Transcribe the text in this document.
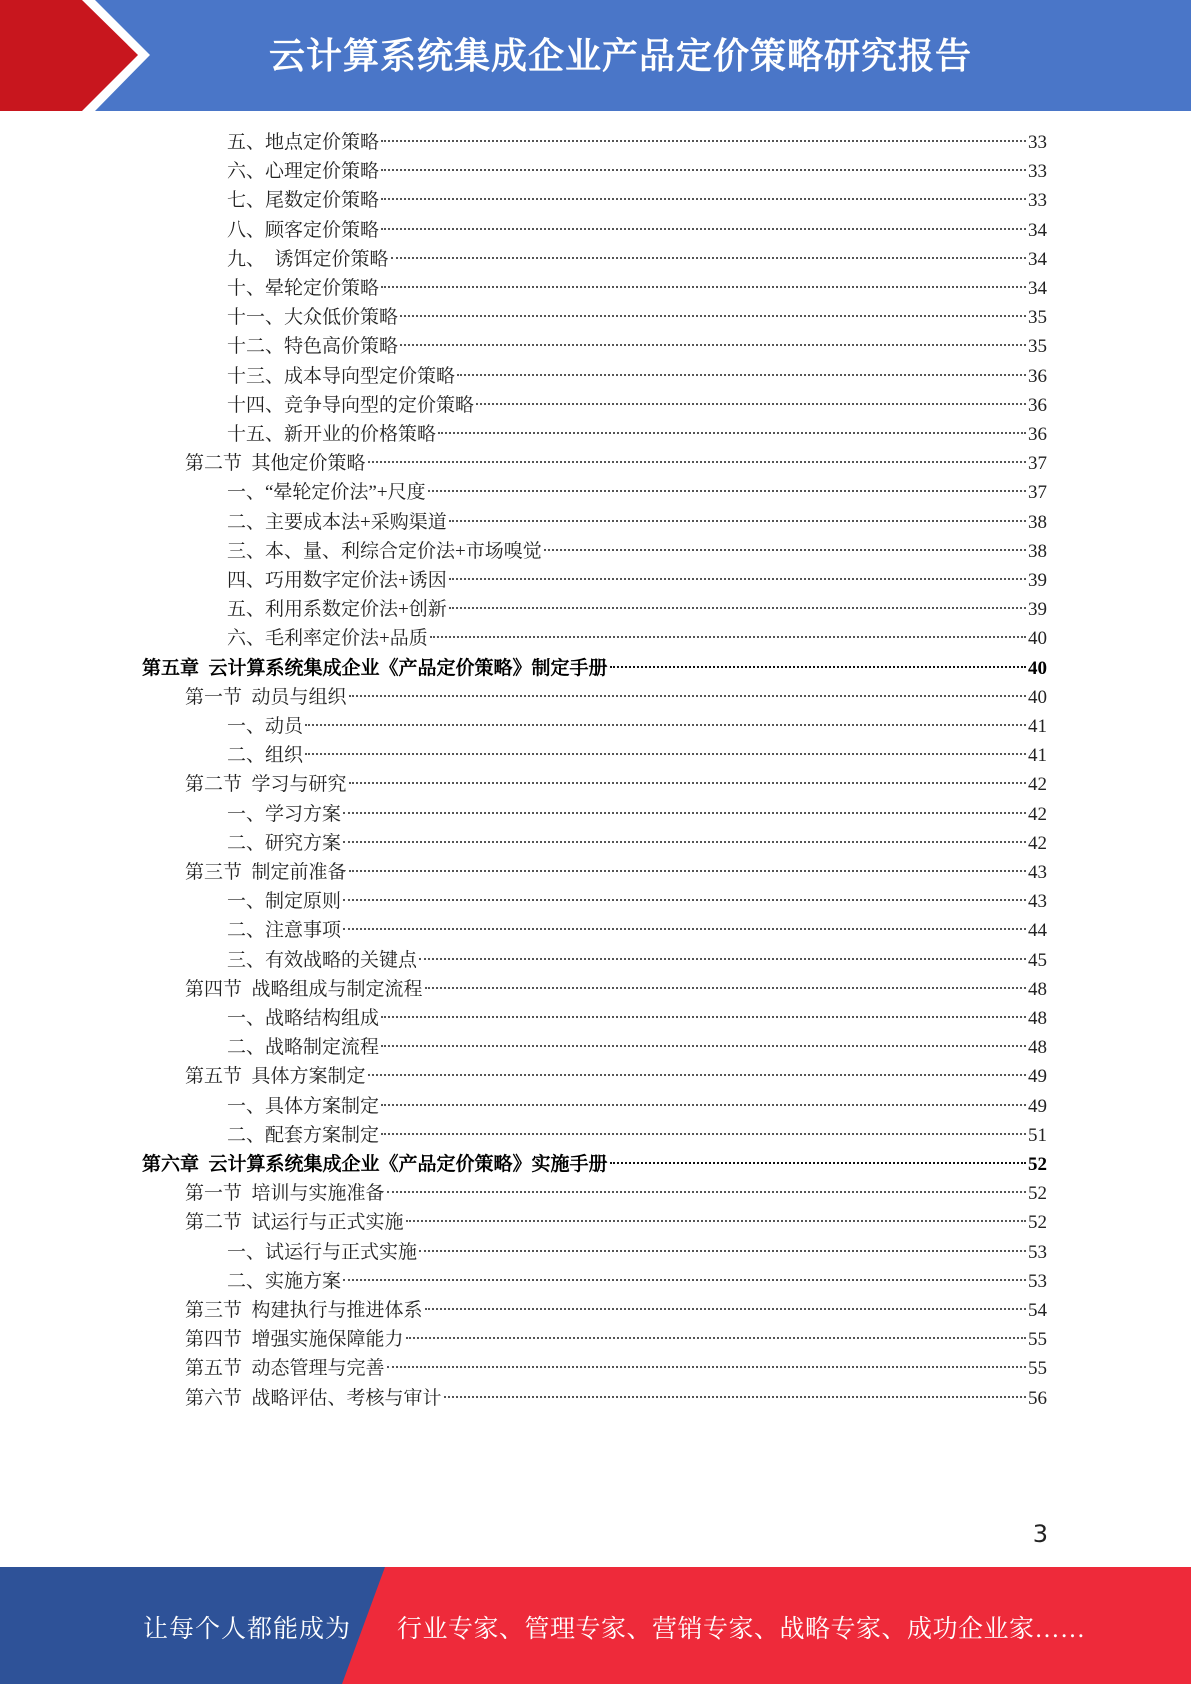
云计算系统集成企业产品定价策略研究报告
五、地点定价策略	33
六、心理定价策略	33
七、尾数定价策略	33
八、顾客定价策略	34
九、  诱饵定价策略	34
十、晕轮定价策略	34
十一、大众低价策略	35
十二、特色高价策略	35
十三、成本导向型定价策略	36
十四、竞争导向型的定价策略	36
十五、新开业的价格策略	36
第二节  其他定价策略	37
一、“晕轮定价法”+尺度	37
二、主要成本法+采购渠道	38
三、本、量、利综合定价法+市场嗅觉	38
四、巧用数字定价法+诱因	39
五、利用系数定价法+创新	39
六、毛利率定价法+品质	40
第五章  云计算系统集成企业《产品定价策略》制定手册	40
第一节  动员与组织	40
一、动员	41
二、组织	41
第二节  学习与研究	42
一、学习方案	42
二、研究方案	42
第三节  制定前准备	43
一、制定原则	43
二、注意事项	44
三、有效战略的关键点	45
第四节  战略组成与制定流程	48
一、战略结构组成	48
二、战略制定流程	48
第五节  具体方案制定	49
一、具体方案制定	49
二、配套方案制定	51
第六章  云计算系统集成企业《产品定价策略》实施手册	52
第一节  培训与实施准备	52
第二节  试运行与正式实施	52
一、试运行与正式实施	53
二、实施方案	53
第三节  构建执行与推进体系	54
第四节  增强实施保障能力	55
第五节  动态管理与完善	55
第六节  战略评估、考核与审计	56
3
让每个人都能成为 行业专家、管理专家、营销专家、战略专家、成功企业家……
